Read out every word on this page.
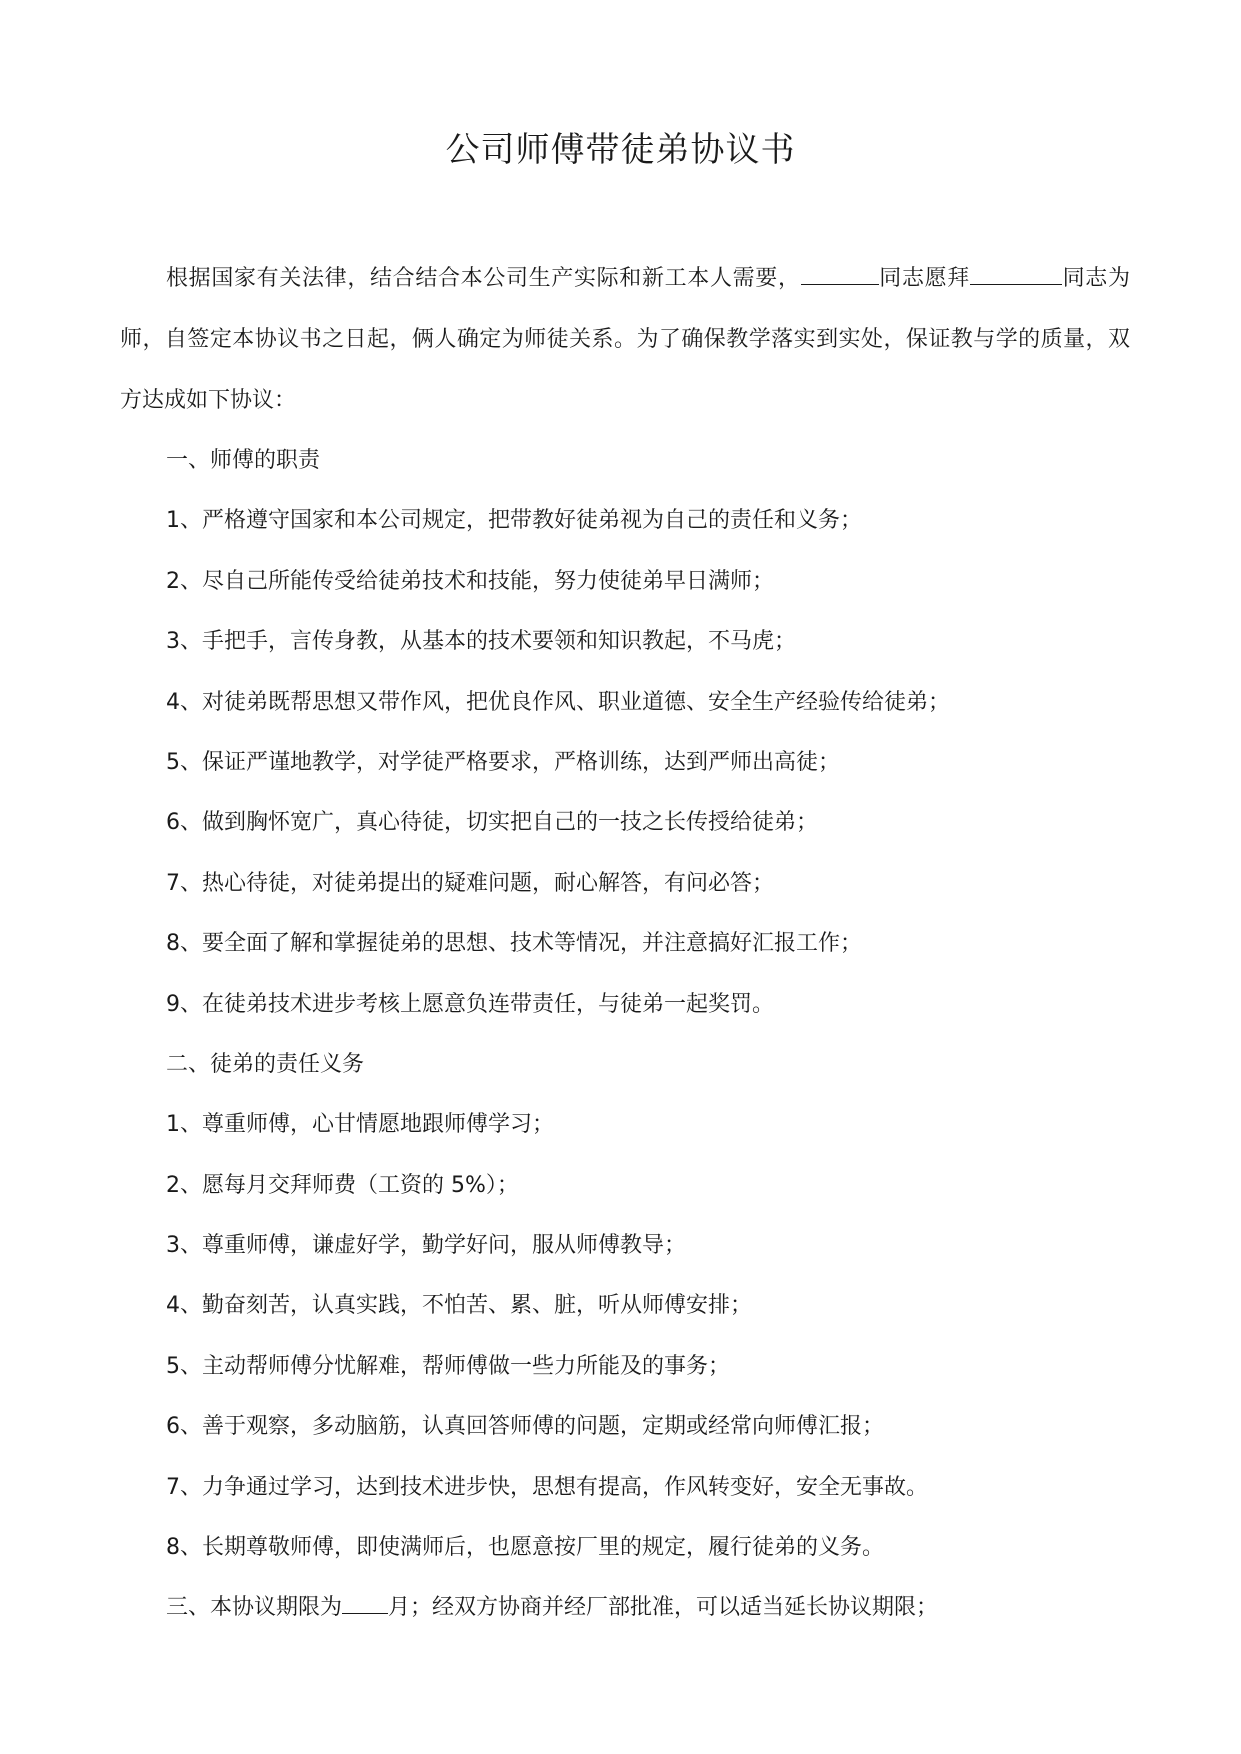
公司师傅带徒弟协议书

根据国家有关法律，结合结合本公司生产实际和新工本人需要，	同志愿拜	同志为师，自签定本协议书之日起，俩人确定为师徒关系。为了确保教学落实到实处，保证教与学的质量，双方达成如下协议：

一、师傅的职责
1、严格遵守国家和本公司规定，把带教好徒弟视为自己的责任和义务；
2、尽自己所能传受给徒弟技术和技能，努力使徒弟早日满师；
3、手把手，言传身教，从基本的技术要领和知识教起，不马虎；
4、对徒弟既帮思想又带作风，把优良作风、职业道德、安全生产经验传给徒弟；
5、保证严谨地教学，对学徒严格要求，严格训练，达到严师出高徒；
6、做到胸怀宽广，真心待徒，切实把自己的一技之长传授给徒弟；
7、热心待徒，对徒弟提出的疑难问题，耐心解答，有问必答；
8、要全面了解和掌握徒弟的思想、技术等情况，并注意搞好汇报工作；
9、在徒弟技术进步考核上愿意负连带责任，与徒弟一起奖罚。
二、徒弟的责任义务
1、尊重师傅，心甘情愿地跟师傅学习；
2、愿每月交拜师费（工资的 5%）；
3、尊重师傅，谦虚好学，勤学好问，服从师傅教导；
4、勤奋刻苦，认真实践，不怕苦、累、脏，听从师傅安排；
5、主动帮师傅分忧解难，帮师傅做一些力所能及的事务；
6、善于观察，多动脑筋，认真回答师傅的问题，定期或经常向师傅汇报；
7、力争通过学习，达到技术进步快，思想有提高，作风转变好，安全无事故。
8、长期尊敬师傅，即使满师后，也愿意按厂里的规定，履行徒弟的义务。
三、本协议期限为 月；经双方协商并经厂部批准，可以适当延长协议期限；
